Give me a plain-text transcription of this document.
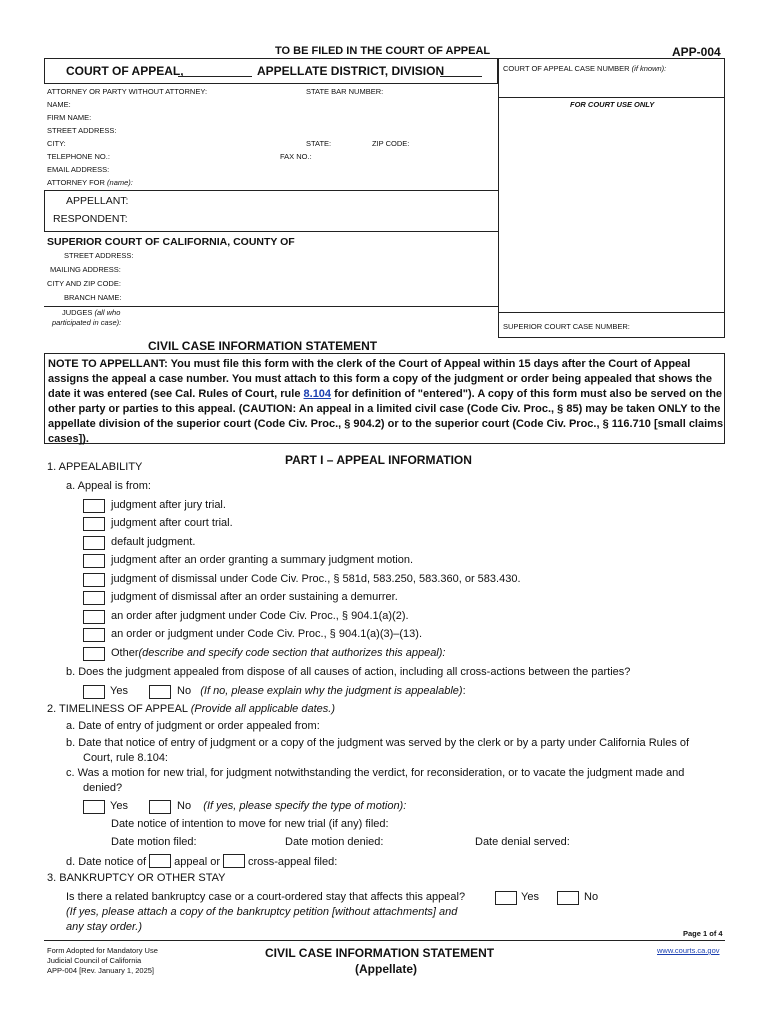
TO BE FILED IN THE COURT OF APPEAL	APP-004
COURT OF APPEAL,	APPELLATE DISTRICT, DIVISION	COURT OF APPEAL CASE NUMBER (if known):
FOR COURT USE ONLY
SUPERIOR COURT CASE NUMBER:
ATTORNEY OR PARTY WITHOUT ATTORNEY:	STATE BAR NUMBER:
NAME:
FIRM NAME:
STREET ADDRESS:
CITY:	STATE:	ZIP CODE:
TELEPHONE NO.:	FAX NO.:
EMAIL ADDRESS:
ATTORNEY FOR (name):
APPELLANT:
RESPONDENT:
SUPERIOR COURT OF CALIFORNIA, COUNTY OF
STREET ADDRESS:
MAILING ADDRESS:
CITY AND ZIP CODE:
BRANCH NAME:
JUDGES (all who
participated in case):
CIVIL CASE INFORMATION STATEMENT
NOTE TO APPELLANT: You must file this form with the clerk of the Court of Appeal within 15 days after the Court of Appeal assigns the appeal a case number. You must attach to this form a copy of the judgment or order being appealed that shows the date it was entered (see Cal. Rules of Court, rule 8.104 for definition of "entered"). A copy of this form must also be served on the other party or parties to this appeal. (CAUTION: An appeal in a limited civil case (Code Civ. Proc., § 85) may be taken ONLY to the appellate division of the superior court (Code Civ. Proc., § 904.2) or to the superior court (Code Civ. Proc., § 116.710 [small claims cases]).
PART I – APPEAL INFORMATION
1. APPEALABILITY
a. Appeal is from:
judgment after jury trial.
judgment after court trial.
default judgment.
judgment after an order granting a summary judgment motion.
judgment of dismissal under Code Civ. Proc., § 581d, 583.250, 583.360, or 583.430.
judgment of dismissal after an order sustaining a demurrer.
an order after judgment under Code Civ. Proc., § 904.1(a)(2).
an order or judgment under Code Civ. Proc., § 904.1(a)(3)–(13).
Other(describe and specify code section that authorizes this appeal):
b. Does the judgment appealed from dispose of all causes of action, including all cross-actions between the parties?
Yes	No (If no, please explain why the judgment is appealable):
2. TIMELINESS OF APPEAL (Provide all applicable dates.)
a. Date of entry of judgment or order appealed from:
b. Date that notice of entry of judgment or a copy of the judgment was served by the clerk or by a party under California Rules of
Court, rule 8.104:
c. Was a motion for new trial, for judgment notwithstanding the verdict, for reconsideration, or to vacate the judgment made and
denied?
Yes	No (If yes, please specify the type of motion):
Date notice of intention to move for new trial (if any) filed:
Date motion filed:	Date motion denied:	Date denial served:
d. Date notice of	appeal or	cross-appeal filed:
3. BANKRUPTCY OR OTHER STAY
Is there a related bankruptcy case or a court-ordered stay that affects this appeal?	Yes	No
(If yes, please attach a copy of the bankruptcy petition [without attachments] and
any stay order.)
Page 1 of 4
Form Adopted for Mandatory Use
Judicial Council of California
APP-004 [Rev. January 1, 2025]
CIVIL CASE INFORMATION STATEMENT
(Appellate)
www.courts.ca.gov
